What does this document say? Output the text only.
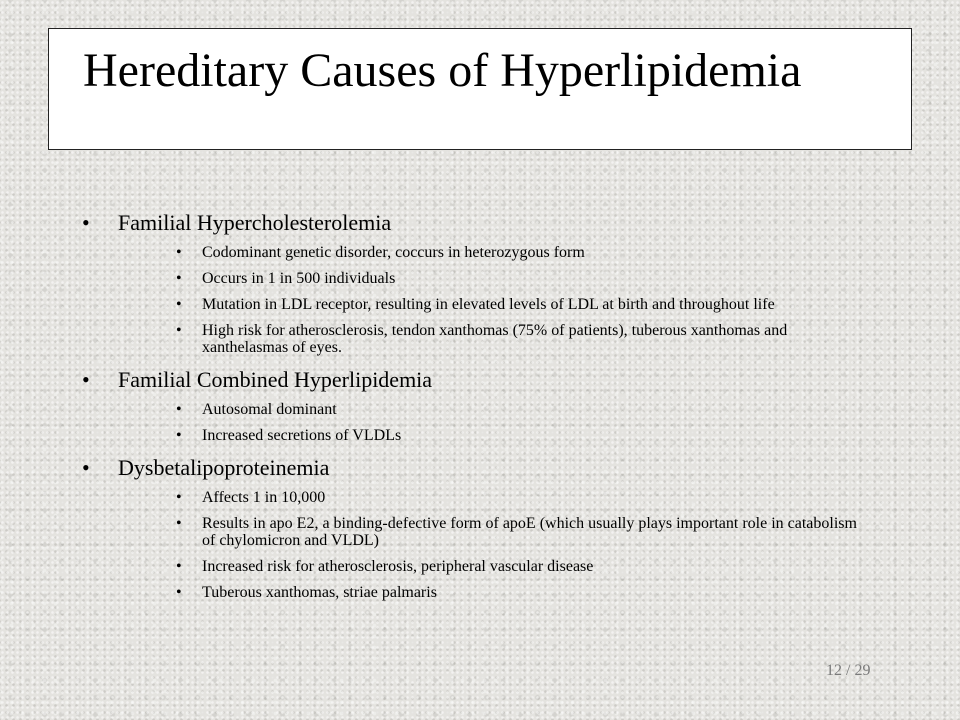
Hereditary Causes of Hyperlipidemia
• Familial Hypercholesterolemia
• Codominant genetic disorder, coccurs in heterozygous form
• Occurs in 1 in 500 individuals
• Mutation in LDL receptor, resulting in elevated levels of LDL at birth and throughout life
• High risk for atherosclerosis, tendon xanthomas (75% of patients), tuberous xanthomas and xanthelasmas of eyes.
• Familial Combined Hyperlipidemia
• Autosomal dominant
• Increased secretions of VLDLs
• Dysbetalipoproteinemia
• Affects 1 in 10,000
• Results in apo E2, a binding-defective form of apoE (which usually plays important role in catabolism of chylomicron and VLDL)
• Increased risk for atherosclerosis, peripheral vascular disease
• Tuberous xanthomas, striae palmaris
12 / 29
